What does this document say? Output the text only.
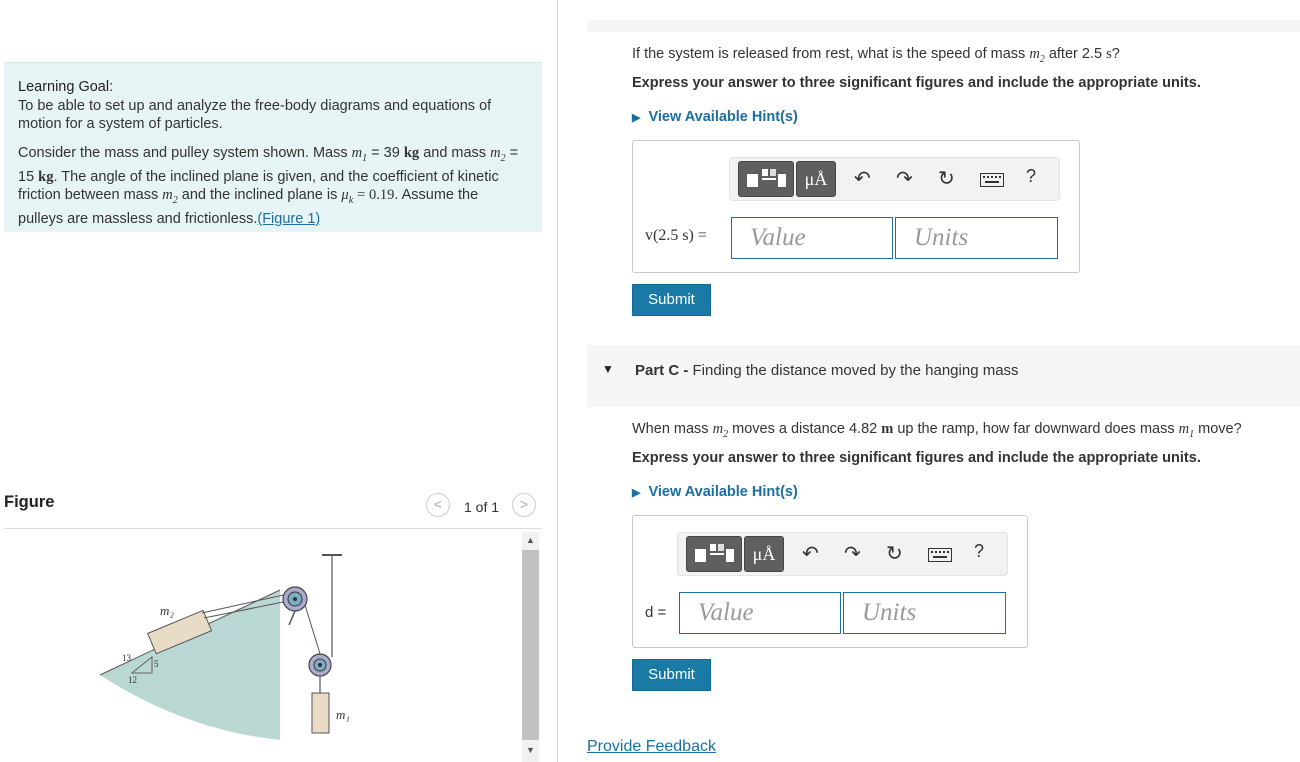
Learning Goal:
To be able to set up and analyze the free-body diagrams and equations of motion for a system of particles.
Consider the mass and pulley system shown. Mass $m_1 = 39$ kg and mass $m_2 = 15$ kg. The angle of the inclined plane is given, and the coefficient of kinetic friction between mass $m_2$ and the inclined plane is $\mu_k = 0.19$. Assume the pulleys are massless and frictionless.(Figure 1)
Figure	<	1 of 1	>
13
5
12
m₂
m₁
▲
▼
If the system is released from rest, what is the speed of mass $m_2$ after 2.5 s?
Express your answer to three significant figures and include the appropriate units.
▶ View Available Hint(s)
μÅ	↶ ↷ ↻	?
v(2.5 s) =	Value	Units
Submit
▼ Part C - Finding the distance moved by the hanging mass
When mass $m_2$ moves a distance 4.82 m up the ramp, how far downward does mass $m_1$ move?
Express your answer to three significant figures and include the appropriate units.
▶ View Available Hint(s)
μÅ	↶ ↷ ↻	?
d =	Value	Units
Submit
Provide Feedback
